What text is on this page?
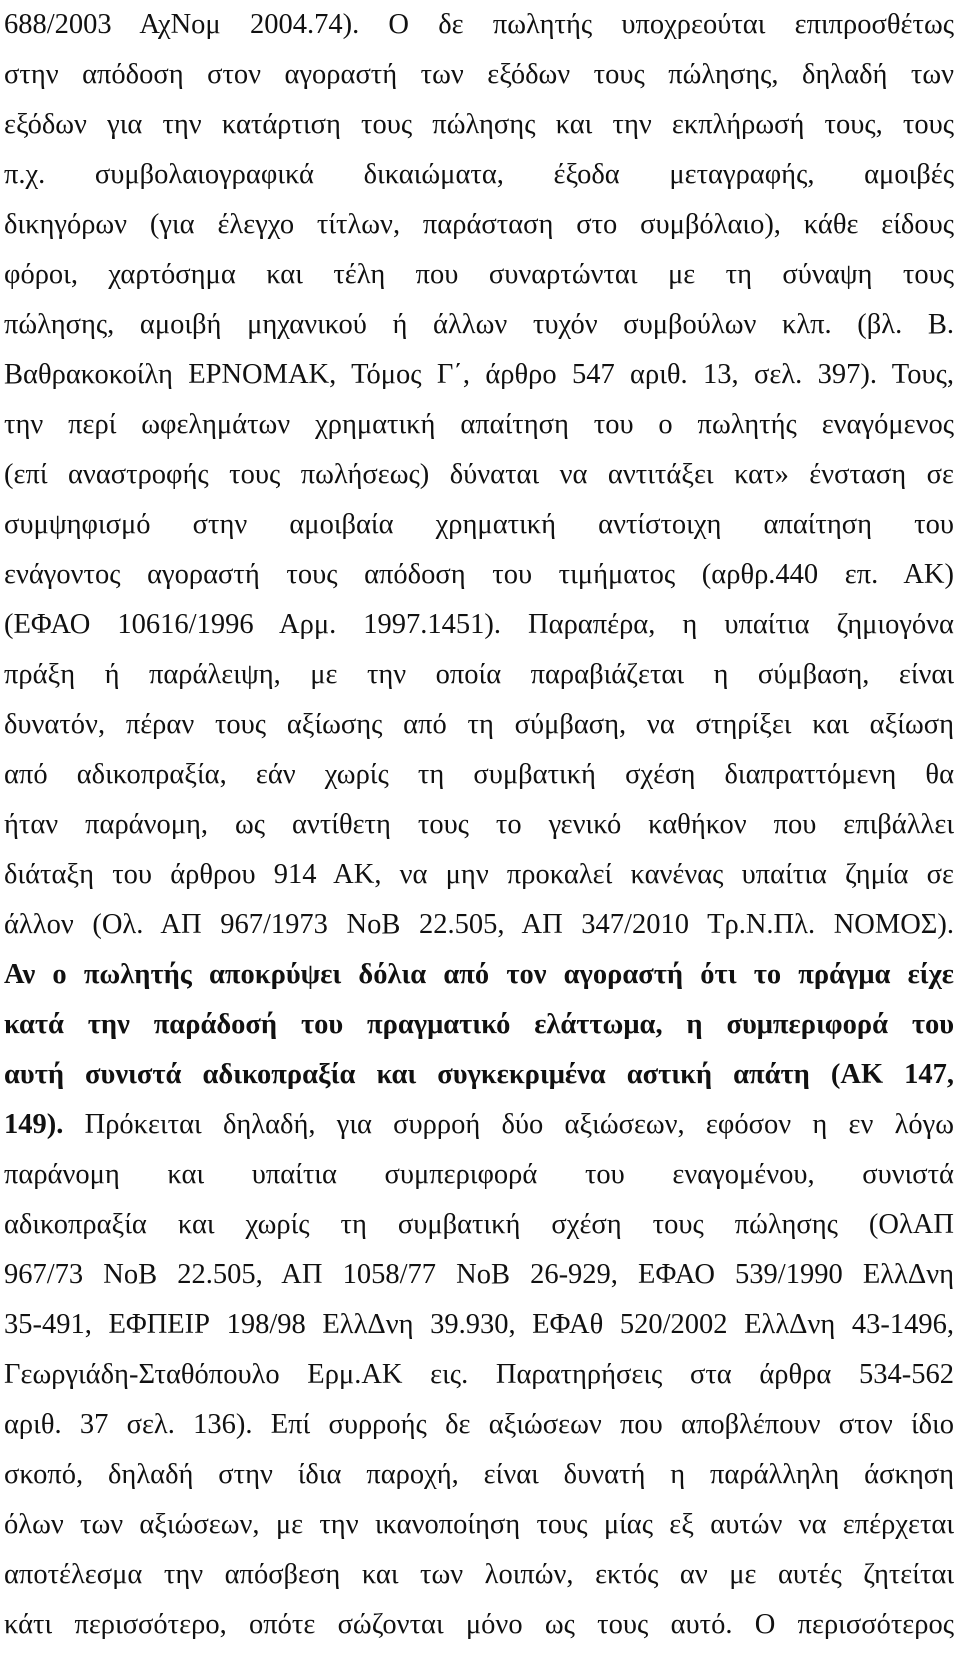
688/2003 ΑχΝομ 2004.74). Ο δε πωλητής υποχρεούται επιπροσθέτως
στην απόδοση στον αγοραστή των εξόδων τους πώλησης, δηλαδή των
εξόδων για την κατάρτιση τους πώλησης και την εκπλήρωσή τους, τους
π.χ. συμβολαιογραφικά δικαιώματα, έξοδα μεταγραφής, αμοιβές
δικηγόρων (για έλεγχο τίτλων, παράσταση στο συμβόλαιο), κάθε είδους
φόροι, χαρτόσημα και τέλη που συναρτώνται με τη σύναψη τους
πώλησης, αμοιβή μηχανικού ή άλλων τυχόν συμβούλων κλπ. (βλ. Β.
Βαθρακοκοίλη ΕΡΝΟΜΑΚ, Τόμος Γ΄, άρθρο 547 αριθ. 13, σελ. 397). Τους,
την περί ωφελημάτων χρηματική απαίτηση του ο πωλητής εναγόμενος
(επί αναστροφής τους πωλήσεως) δύναται να αντιτάξει κατ» ένσταση σε
συμψηφισμό στην αμοιβαία χρηματική αντίστοιχη απαίτηση του
ενάγοντος αγοραστή τους απόδοση του τιμήματος (αρθρ.440 επ. ΑΚ)
(ΕΦΑΟ 10616/1996 Αρμ. 1997.1451). Παραπέρα, η υπαίτια ζημιογόνα
πράξη ή παράλειψη, με την οποία παραβιάζεται η σύμβαση, είναι
δυνατόν, πέραν τους αξίωσης από τη σύμβαση, να στηρίξει και αξίωση
από αδικοπραξία, εάν χωρίς τη συμβατική σχέση διαπραττόμενη θα
ήταν παράνομη, ως αντίθετη τους το γενικό καθήκον που επιβάλλει
διάταξη του άρθρου 914 ΑΚ, να μην προκαλεί κανένας υπαίτια ζημία σε
άλλον (Ολ. ΑΠ 967/1973 ΝοΒ 22.505, ΑΠ 347/2010 Τρ.Ν.Πλ. ΝΟΜΟΣ).
Αν ο πωλητής αποκρύψει δόλια από τον αγοραστή ότι το πράγμα είχε
κατά την παράδοσή του πραγματικό ελάττωμα, η συμπεριφορά του
αυτή συνιστά αδικοπραξία και συγκεκριμένα αστική απάτη (ΑΚ 147,
149). Πρόκειται δηλαδή, για συρροή δύο αξιώσεων, εφόσον η εν λόγω
παράνομη και υπαίτια συμπεριφορά του εναγομένου, συνιστά
αδικοπραξία και χωρίς τη συμβατική σχέση τους πώλησης (ΟλΑΠ
967/73 ΝοΒ 22.505, ΑΠ 1058/77 ΝοΒ 26-929, ΕΦΑΟ 539/1990 ΕλλΔνη
35-491, ΕΦΠΕΙΡ 198/98 ΕλλΔνη 39.930, ΕΦΑθ 520/2002 ΕλλΔνη 43-1496,
Γεωργιάδη-Σταθόπουλο Ερμ.ΑΚ εις. Παρατηρήσεις στα άρθρα 534-562
αριθ. 37 σελ. 136). Επί συρροής δε αξιώσεων που αποβλέπουν στον ίδιο
σκοπό, δηλαδή στην ίδια παροχή, είναι δυνατή η παράλληλη άσκηση
όλων των αξιώσεων, με την ικανοποίηση τους μίας εξ αυτών να επέρχεται
αποτέλεσμα την απόσβεση και των λοιπών, εκτός αν με αυτές ζητείται
κάτι περισσότερο, οπότε σώζονται μόνο ως τους αυτό. Ο περισσότερος
